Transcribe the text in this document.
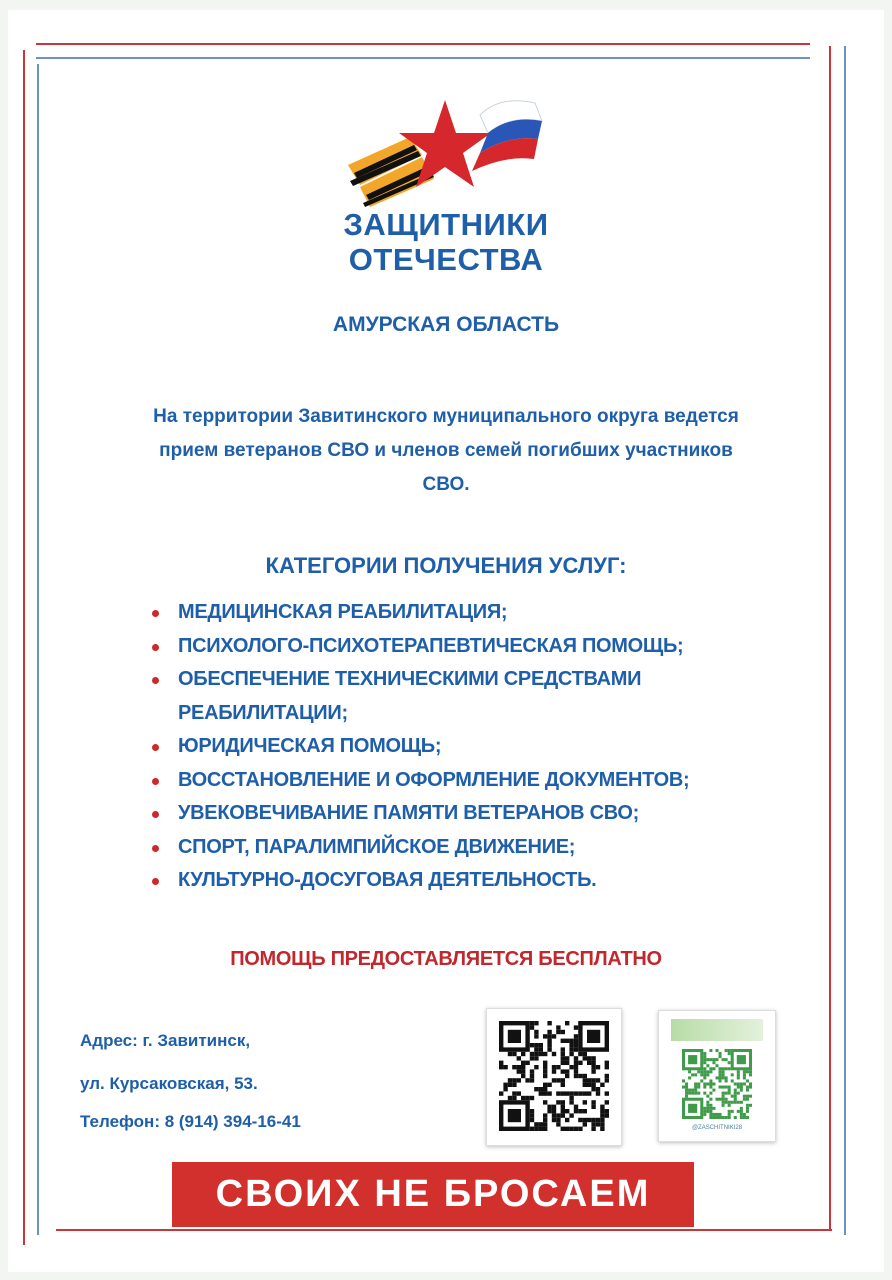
ЗАЩИТНИКИ
ОТЕЧЕСТВА
АМУРСКАЯ ОБЛАСТЬ
На территории Завитинского муниципального округа ведется
прием ветеранов СВО и членов семей погибших участников
СВО.
КАТЕГОРИИ ПОЛУЧЕНИЯ УСЛУГ:
МЕДИЦИНСКАЯ РЕАБИЛИТАЦИЯ;
ПСИХОЛОГО-ПСИХОТЕРАПЕВТИЧЕСКАЯ ПОМОЩЬ;
ОБЕСПЕЧЕНИЕ ТЕХНИЧЕСКИМИ СРЕДСТВАМИ
РЕАБИЛИТАЦИИ;
ЮРИДИЧЕСКАЯ ПОМОЩЬ;
ВОССТАНОВЛЕНИЕ И ОФОРМЛЕНИЕ ДОКУМЕНТОВ;
УВЕКОВЕЧИВАНИЕ ПАМЯТИ ВЕТЕРАНОВ СВО;
СПОРТ, ПАРАЛИМПИЙСКОЕ ДВИЖЕНИЕ;
КУЛЬТУРНО-ДОСУГОВАЯ ДЕЯТЕЛЬНОСТЬ.
ПОМОЩЬ ПРЕДОСТАВЛЯЕТСЯ БЕСПЛАТНО
Адрес: г. Завитинск,
ул. Курсаковская, 53.
Телефон: 8 (914) 394-16-41	@ZASCHITNIKI28
СВОИХ НЕ БРОСАЕМ
